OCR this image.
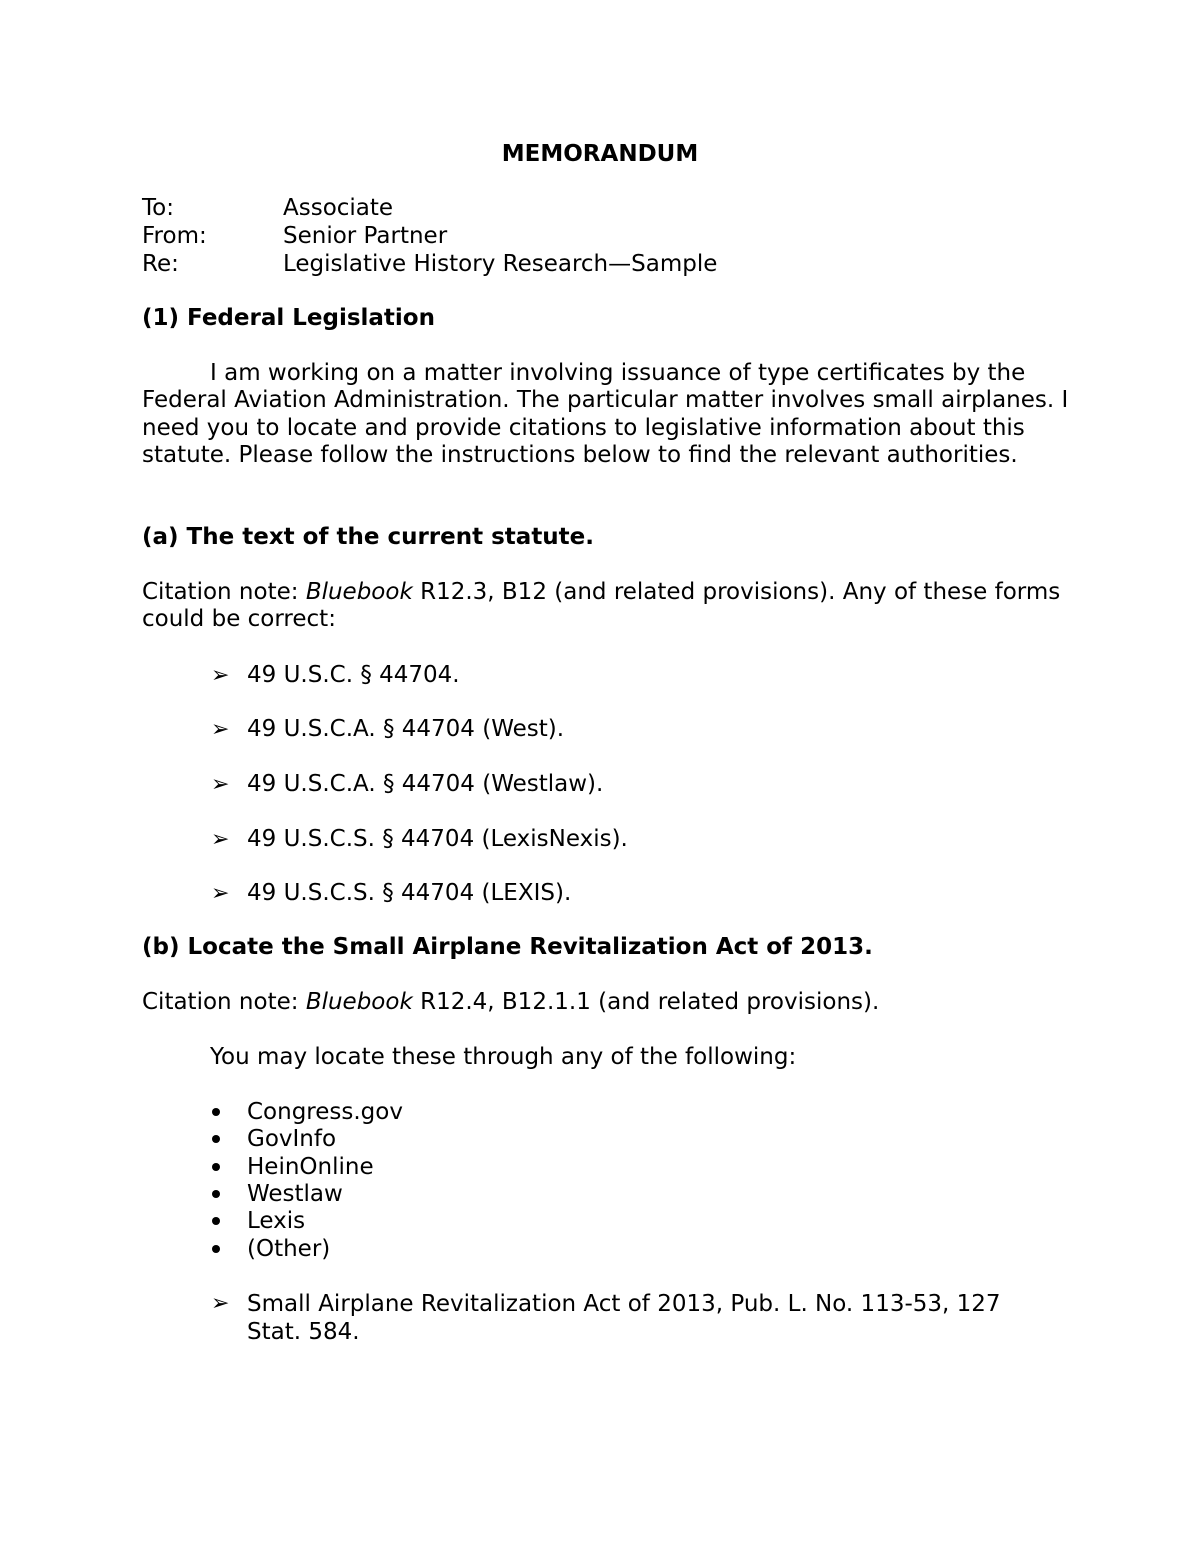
MEMORANDUM
To:	Associate
From:	Senior Partner
Re:	Legislative History Research—Sample
(1) Federal Legislation
I am working on a matter involving issuance of type certificates by the Federal Aviation Administration. The particular matter involves small airplanes. I need you to locate and provide citations to legislative information about this statute. Please follow the instructions below to find the relevant authorities.
(a) The text of the current statute.
Citation note: Bluebook R12.3, B12 (and related provisions). Any of these forms could be correct:
➢ 49 U.S.C. § 44704.
➢ 49 U.S.C.A. § 44704 (West).
➢ 49 U.S.C.A. § 44704 (Westlaw).
➢ 49 U.S.C.S. § 44704 (LexisNexis).
➢ 49 U.S.C.S. § 44704 (LEXIS).
(b) Locate the Small Airplane Revitalization Act of 2013.
Citation note: Bluebook R12.4, B12.1.1 (and related provisions).
You may locate these through any of the following:
Congress.gov
GovInfo
HeinOnline
Westlaw
Lexis
(Other)
➢ Small Airplane Revitalization Act of 2013, Pub. L. No. 113-53, 127 Stat. 584.
